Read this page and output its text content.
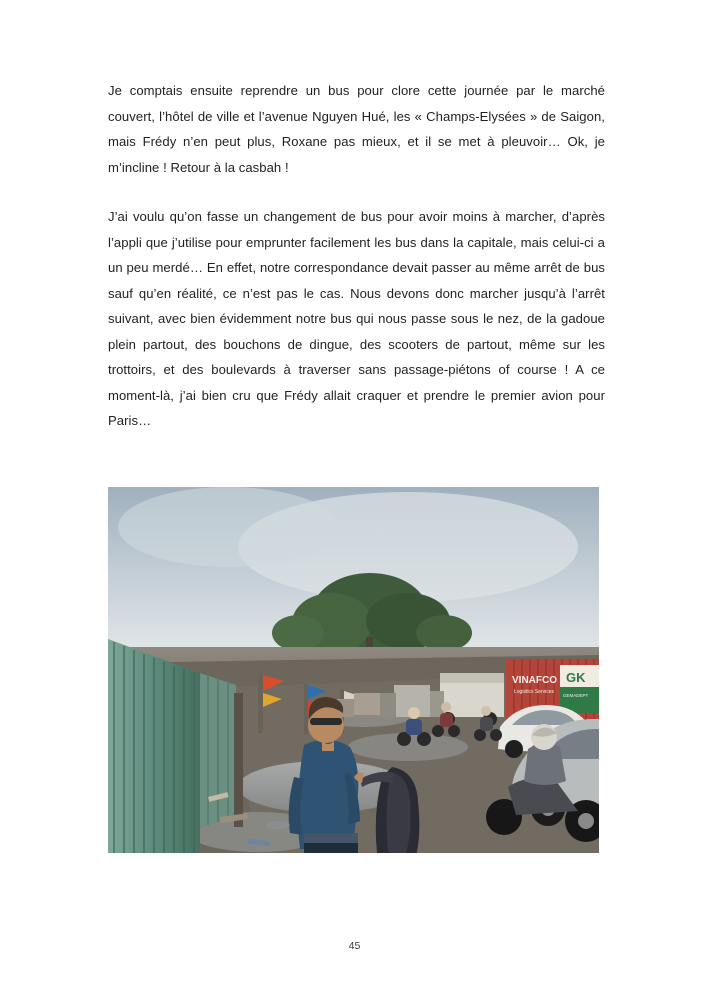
Je comptais ensuite reprendre un bus pour clore cette journée par le marché couvert, l’hôtel de ville et l’avenue Nguyen Hué, les « Champs-Elysées » de Saigon, mais Frédy n’en peut plus, Roxane pas mieux, et il se met à pleuvoir… Ok, je m’incline ! Retour à la casbah !

J’ai voulu qu’on fasse un changement de bus pour avoir moins à marcher, d’après l’appli que j’utilise pour emprunter facilement les bus dans la capitale, mais celui-ci a un peu merdé… En effet, notre correspondance devait passer au même arrêt de bus sauf qu’en réalité, ce n’est pas le cas. Nous devons donc marcher jusqu’à l’arrêt suivant, avec bien évidemment notre bus qui nous passe sous le nez, de la gadoue plein partout, des bouchons de dingue, des scooters de partout, même sur les trottoirs, et des boulevards à traverser sans passage-piétons of course ! A ce moment-là, j’ai bien cru que Frédy allait craquer et prendre le premier avion pour Paris…

VINAFCO
Logistics Services
GK
GEMADEPT
45
